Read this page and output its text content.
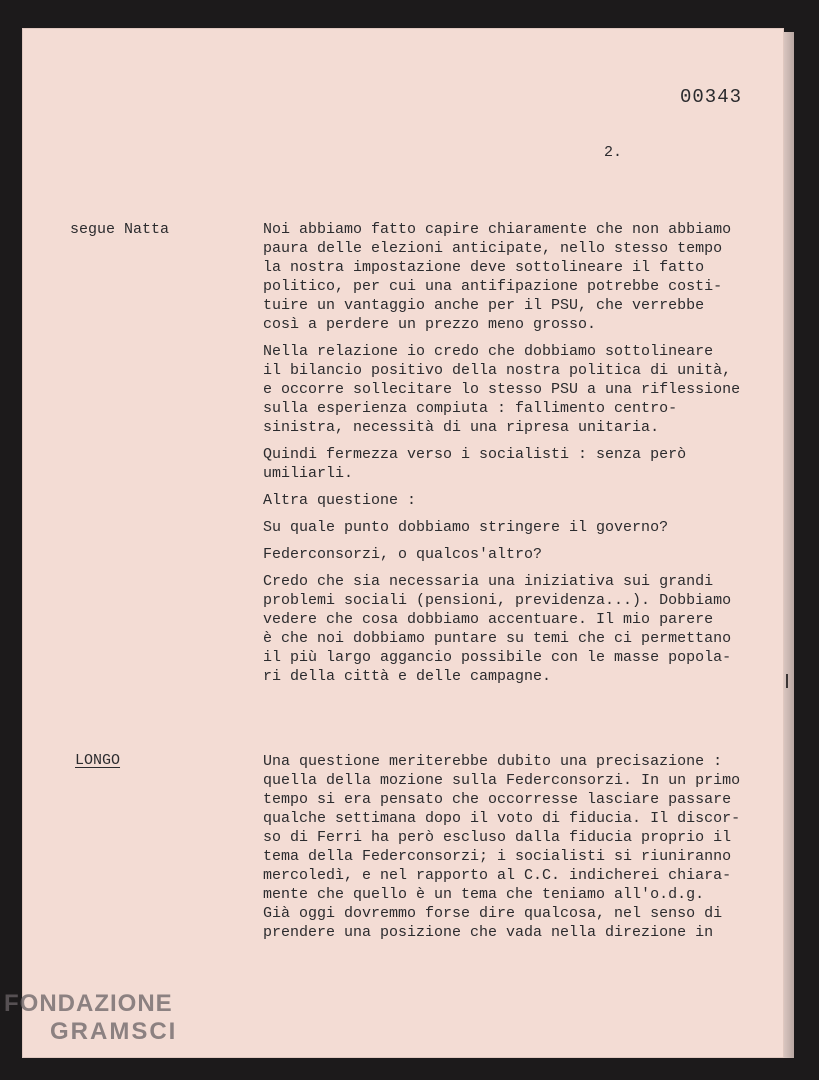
00343
2.
segue Natta	Noi abbiamo fatto capire chiaramente che non abbiamo
paura delle elezioni anticipate, nello stesso tempo
la nostra impostazione deve sottolineare il fatto
politico, per cui una antifipazione potrebbe costi-
tuire un vantaggio anche per il PSU, che verrebbe
così a perdere un prezzo meno grosso.
Nella relazione io credo che dobbiamo sottolineare
il bilancio positivo della nostra politica di unità,
e occorre sollecitare lo stesso PSU a una riflessione
sulla esperienza compiuta : fallimento centro-
sinistra, necessità di una ripresa unitaria.
Quindi fermezza verso i socialisti : senza però
umiliarli.
Altra questione :
Su quale punto dobbiamo stringere il governo?
Federconsorzi, o qualcos'altro?
Credo che sia necessaria una iniziativa sui grandi
problemi sociali (pensioni, previdenza...). Dobbiamo
vedere che cosa dobbiamo accentuare. Il mio parere
è che noi dobbiamo puntare su temi che ci permettano
il più largo aggancio possibile con le masse popola-
ri della città e delle campagne.
LONGO	Una questione meriterebbe dubito una precisazione :
quella della mozione sulla Federconsorzi. In un primo
tempo si era pensato che occorresse lasciare passare
qualche settimana dopo il voto di fiducia. Il discor-
so di Ferri ha però escluso dalla fiducia proprio il
tema della Federconsorzi; i socialisti si riuniranno
mercoledì, e nel rapporto al C.C. indicherei chiara-
mente che quello è un tema che teniamo all'o.d.g.
Già oggi dovremmo forse dire qualcosa, nel senso di
prendere una posizione che vada nella direzione in
FONDAZIONE
GRAMSCI
